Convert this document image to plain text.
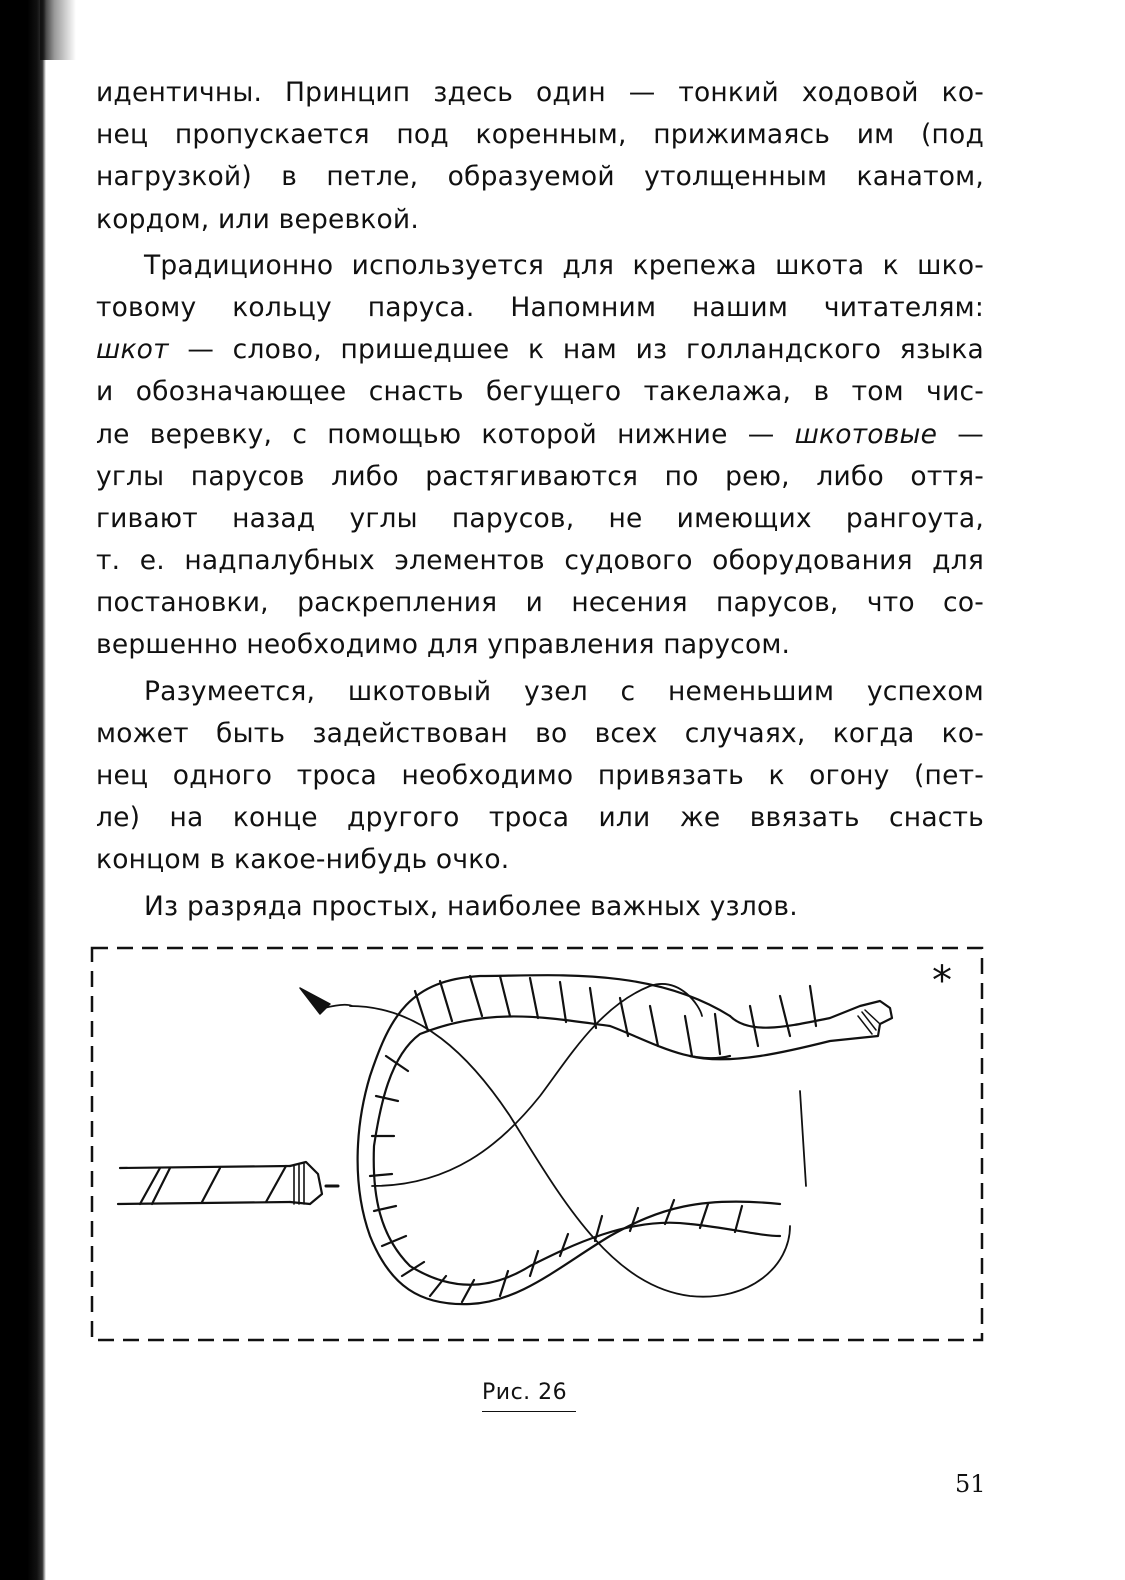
идентичны. Принцип здесь один — тонкий ходовой ко-
нец пропускается под коренным, прижимаясь им (под
нагрузкой) в петле, образуемой утолщенным канатом,
кордом, или веревкой.
Традиционно используется для крепежа шкота к шко-
товому кольцу паруса. Напомним нашим читателям:
шкот — слово, пришедшее к нам из голландского языка
и обозначающее снасть бегущего такелажа, в том чис-
ле веревку, с помощью которой нижние — шкотовые —
углы парусов либо растягиваются по рею, либо оття-
гивают назад углы парусов, не имеющих рангоута,
т. е. надпалубных элементов судового оборудования для
постановки, раскрепления и несения парусов, что со-
вершенно необходимо для управления парусом.
Разумеется, шкотовый узел с неменьшим успехом
может быть задействован во всех случаях, когда ко-
нец одного троса необходимо привязать к огону (пет-
ле) на конце другого троса или же ввязать снасть
концом в какое-нибудь очко.
Из разряда простых, наиболее важных узлов.
*
Рис. 26
51
